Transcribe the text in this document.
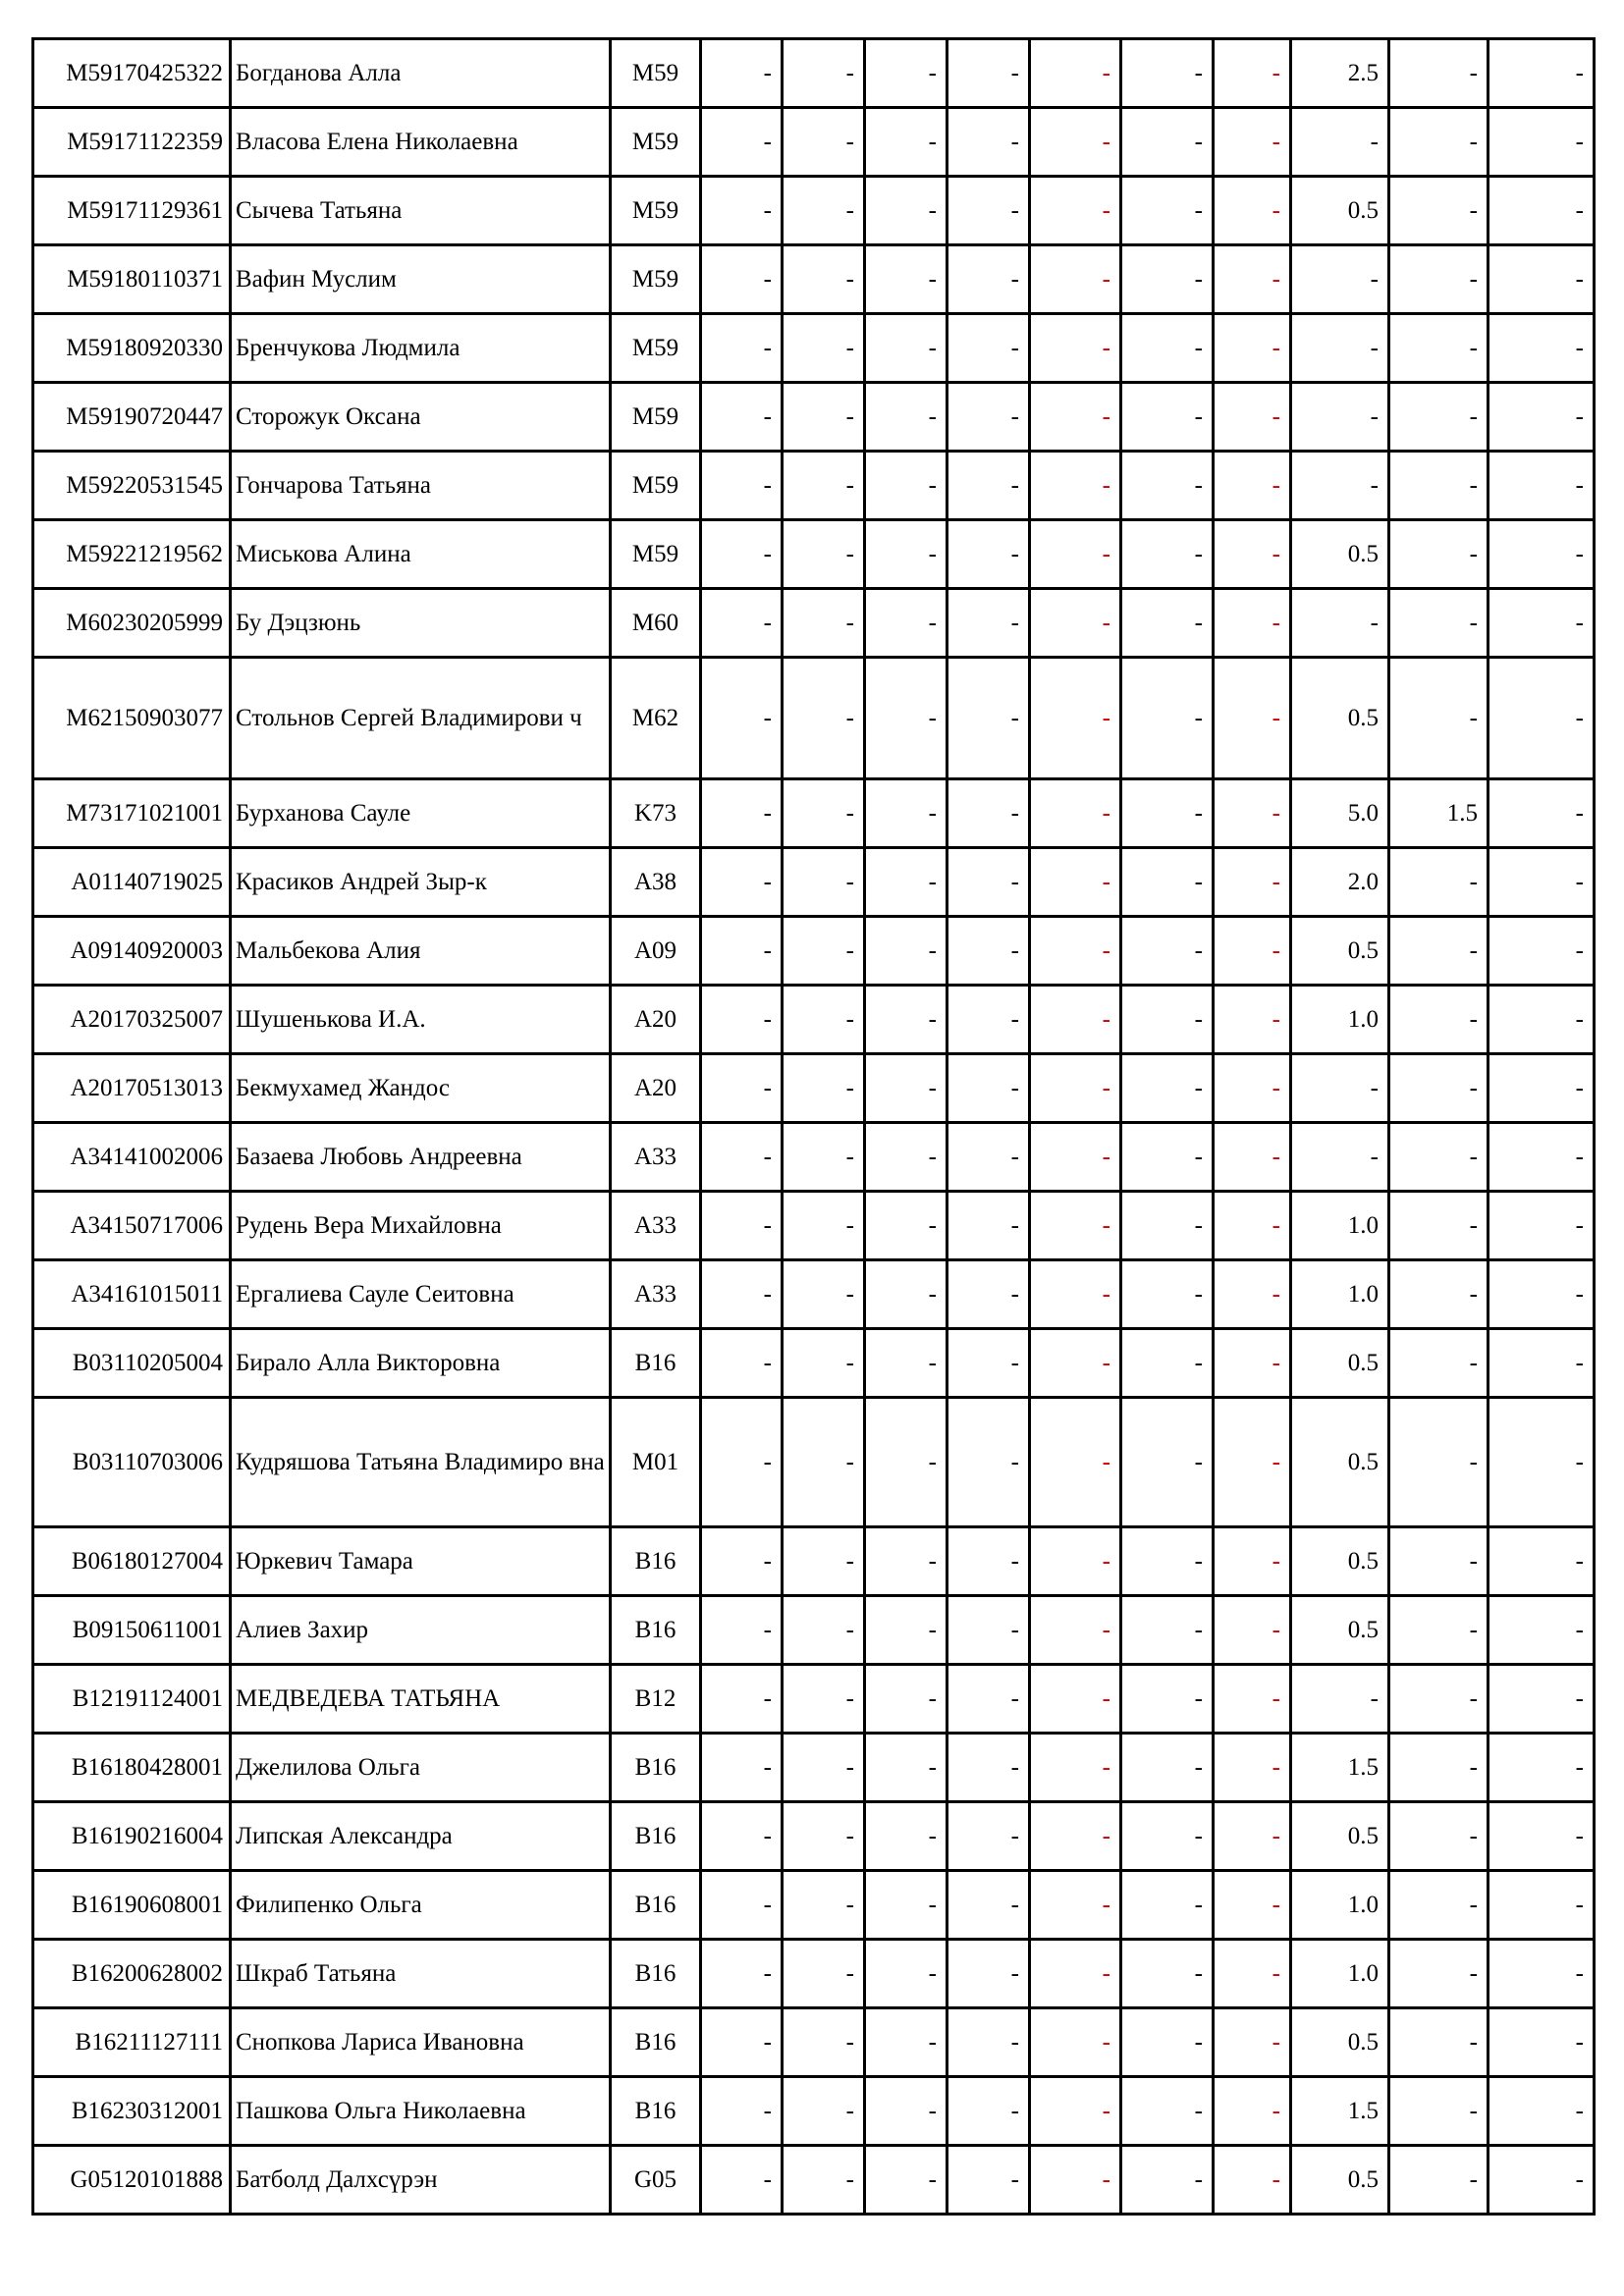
M59170425322	Богданова Алла	M59	-	-	-	-	-	-	-	2.5	-	-
M59171122359	Власова Елена Николаевна	M59	-	-	-	-	-	-	-	-	-	-
M59171129361	Сычева Татьяна	M59	-	-	-	-	-	-	-	0.5	-	-
M59180110371	Вафин Муслим	M59	-	-	-	-	-	-	-	-	-	-
M59180920330	Бренчукова Людмила	M59	-	-	-	-	-	-	-	-	-	-
M59190720447	Сторожук Оксана	M59	-	-	-	-	-	-	-	-	-	-
M59220531545	Гончарова Татьяна	M59	-	-	-	-	-	-	-	-	-	-
M59221219562	Миськова Алина	M59	-	-	-	-	-	-	-	0.5	-	-
M60230205999	Бу Дэцзюнь	M60	-	-	-	-	-	-	-	-	-	-
M62150903077	Стольнов Сергей Владимирови ч	M62	-	-	-	-	-	-	-	0.5	-	-
M73171021001	Бурханова Сауле	K73	-	-	-	-	-	-	-	5.0	1.5	-
A01140719025	Красиков Андрей Зыр-к	A38	-	-	-	-	-	-	-	2.0	-	-
A09140920003	Мальбекова Алия	A09	-	-	-	-	-	-	-	0.5	-	-
A20170325007	Шушенькова И.А.	A20	-	-	-	-	-	-	-	1.0	-	-
A20170513013	Бекмухамед Жандос	A20	-	-	-	-	-	-	-	-	-	-
A34141002006	Базаева Любовь Андреевна	A33	-	-	-	-	-	-	-	-	-	-
A34150717006	Рудень Вера Михайловна	A33	-	-	-	-	-	-	-	1.0	-	-
A34161015011	Ергалиева Сауле Сеитовна	A33	-	-	-	-	-	-	-	1.0	-	-
B03110205004	Бирало Алла Викторовна	B16	-	-	-	-	-	-	-	0.5	-	-
B03110703006	Кудряшова Татьяна Владимиро вна	M01	-	-	-	-	-	-	-	0.5	-	-
B06180127004	Юркевич Тамара	B16	-	-	-	-	-	-	-	0.5	-	-
B09150611001	Алиев Захир	B16	-	-	-	-	-	-	-	0.5	-	-
B12191124001	МЕДВЕДЕВА ТАТЬЯНА	B12	-	-	-	-	-	-	-	-	-	-
B16180428001	Джелилова Ольга	B16	-	-	-	-	-	-	-	1.5	-	-
B16190216004	Липская Александра	B16	-	-	-	-	-	-	-	0.5	-	-
B16190608001	Филипенко Ольга	B16	-	-	-	-	-	-	-	1.0	-	-
B16200628002	Шкраб Татьяна	B16	-	-	-	-	-	-	-	1.0	-	-
B16211127111	Снопкова Лариса Ивановна	B16	-	-	-	-	-	-	-	0.5	-	-
B16230312001	Пашкова Ольга Николаевна	B16	-	-	-	-	-	-	-	1.5	-	-
G05120101888	Батболд Далхсүрэн	G05	-	-	-	-	-	-	-	0.5	-	-
